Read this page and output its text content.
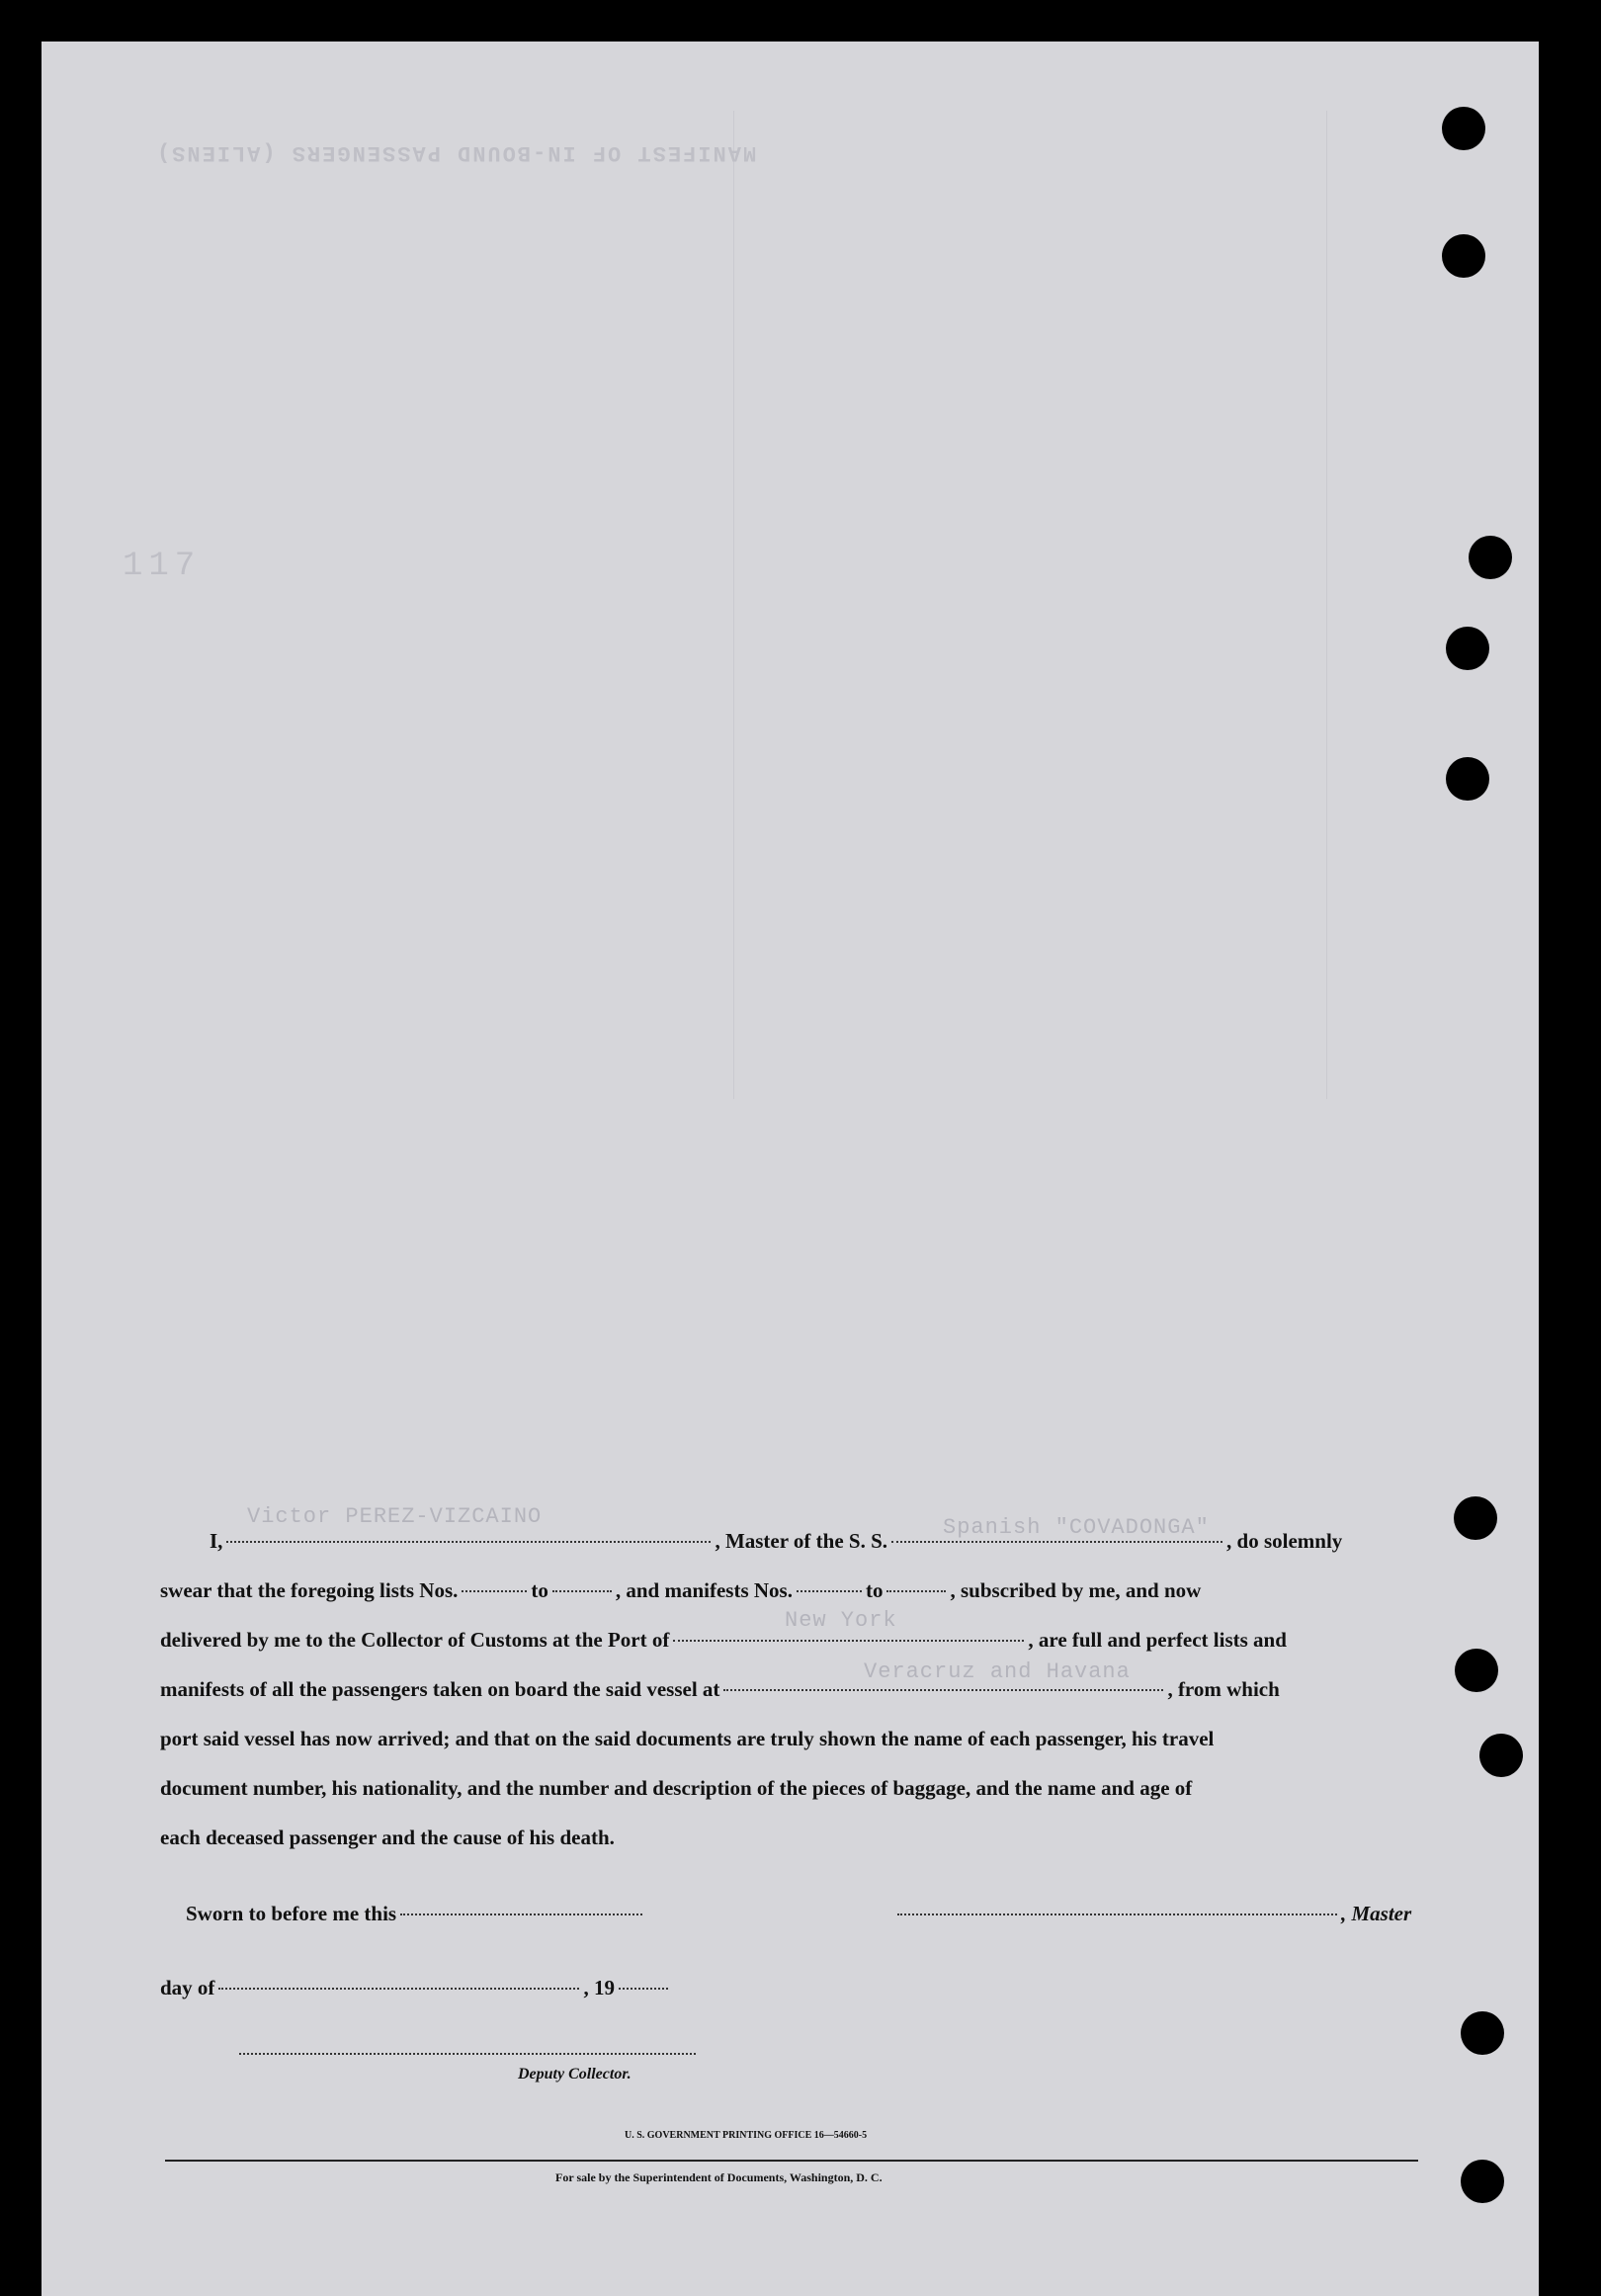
MANIFEST OF IN-BOUND PASSENGERS (ALIENS)
117
Victor PEREZ-VIZCAINO	Spanish "COVADONGA"
New York
Veracruz and Havana
I,	, Master of the S. S.	, do solemnly
swear that the foregoing lists Nos.	to	, and manifests Nos.	to	, subscribed by me, and now
delivered by me to the Collector of Customs at the Port of	, are full and perfect lists and
manifests of all the passengers taken on board the said vessel at	, from which
port said vessel has now arrived; and that on the said documents are truly shown the name of each passenger, his travel
document number, his nationality, and the number and description of the pieces of baggage, and the name and age of
each deceased passenger and the cause of his death.
Sworn to before me this	, Master
day of	, 19
Deputy Collector.
U. S. GOVERNMENT PRINTING OFFICE 16—54660-5
For sale by the Superintendent of Documents, Washington, D. C.
